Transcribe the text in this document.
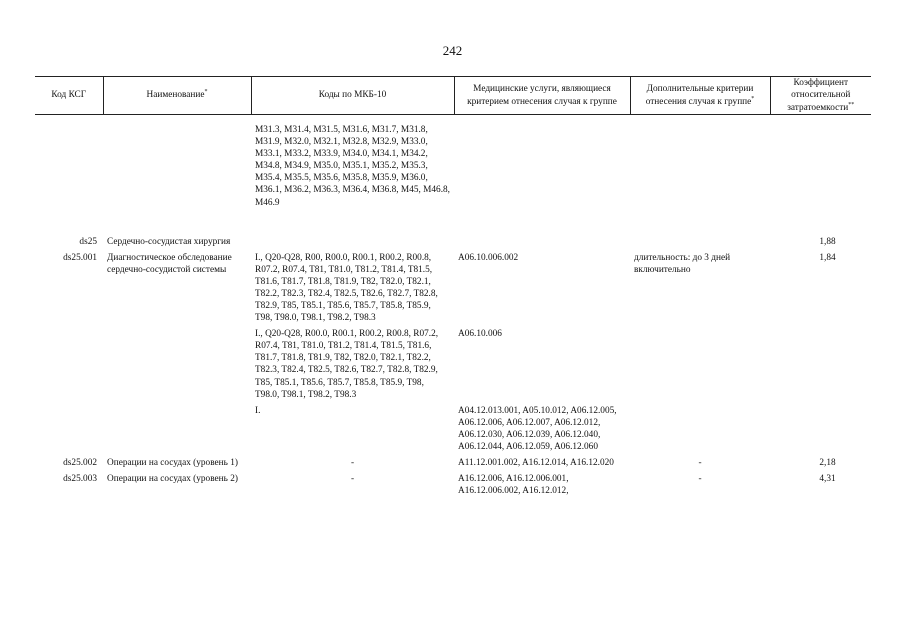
242
Код КСГ	Наименование*	Коды по МКБ-10	Медицинские услуги, являющиеся критерием отнесения случая к группе	Дополнительные критерии отнесения случая к группе*	Коэффициент относительной затратоемкости**
		M31.3, M31.4, M31.5, M31.6, M31.7, M31.8, M31.9, M32.0, M32.1, M32.8, M32.9, M33.0, M33.1, M33.2, M33.9, M34.0, M34.1, M34.2, M34.8, M34.9, M35.0, M35.1, M35.2, M35.3, M35.4, M35.5, M35.6, M35.8, M35.9, M36.0, M36.1, M36.2, M36.3, M36.4, M36.8, M45, M46.8, M46.9			
ds25	Сердечно-сосудистая хирургия				1,88
ds25.001	Диагностическое обследование сердечно-сосудистой системы	I., Q20-Q28, R00, R00.0, R00.1, R00.2, R00.8, R07.2, R07.4, T81, T81.0, T81.2, T81.4, T81.5, T81.6, T81.7, T81.8, T81.9, T82, T82.0, T82.1, T82.2, T82.3, T82.4, T82.5, T82.6, T82.7, T82.8, T82.9, T85, T85.1, T85.6, T85.7, T85.8, T85.9, T98, T98.0, T98.1, T98.2, T98.3	A06.10.006.002	длительность: до 3 дней включительно	1,84
		I., Q20-Q28, R00.0, R00.1, R00.2, R00.8, R07.2, R07.4, T81, T81.0, T81.2, T81.4, T81.5, T81.6, T81.7, T81.8, T81.9, T82, T82.0, T82.1, T82.2, T82.3, T82.4, T82.5, T82.6, T82.7, T82.8, T82.9, T85, T85.1, T85.6, T85.7, T85.8, T85.9, T98, T98.0, T98.1, T98.2, T98.3	A06.10.006		
		I.	A04.12.013.001, A05.10.012, A06.12.005, A06.12.006, A06.12.007, A06.12.012, A06.12.030, A06.12.039, A06.12.040, A06.12.044, A06.12.059, A06.12.060		
ds25.002	Операции на сосудах (уровень 1)	-	A11.12.001.002, A16.12.014, A16.12.020	-	2,18
ds25.003	Операции на сосудах (уровень 2)	-	A16.12.006, A16.12.006.001, A16.12.006.002, A16.12.012,	-	4,31
